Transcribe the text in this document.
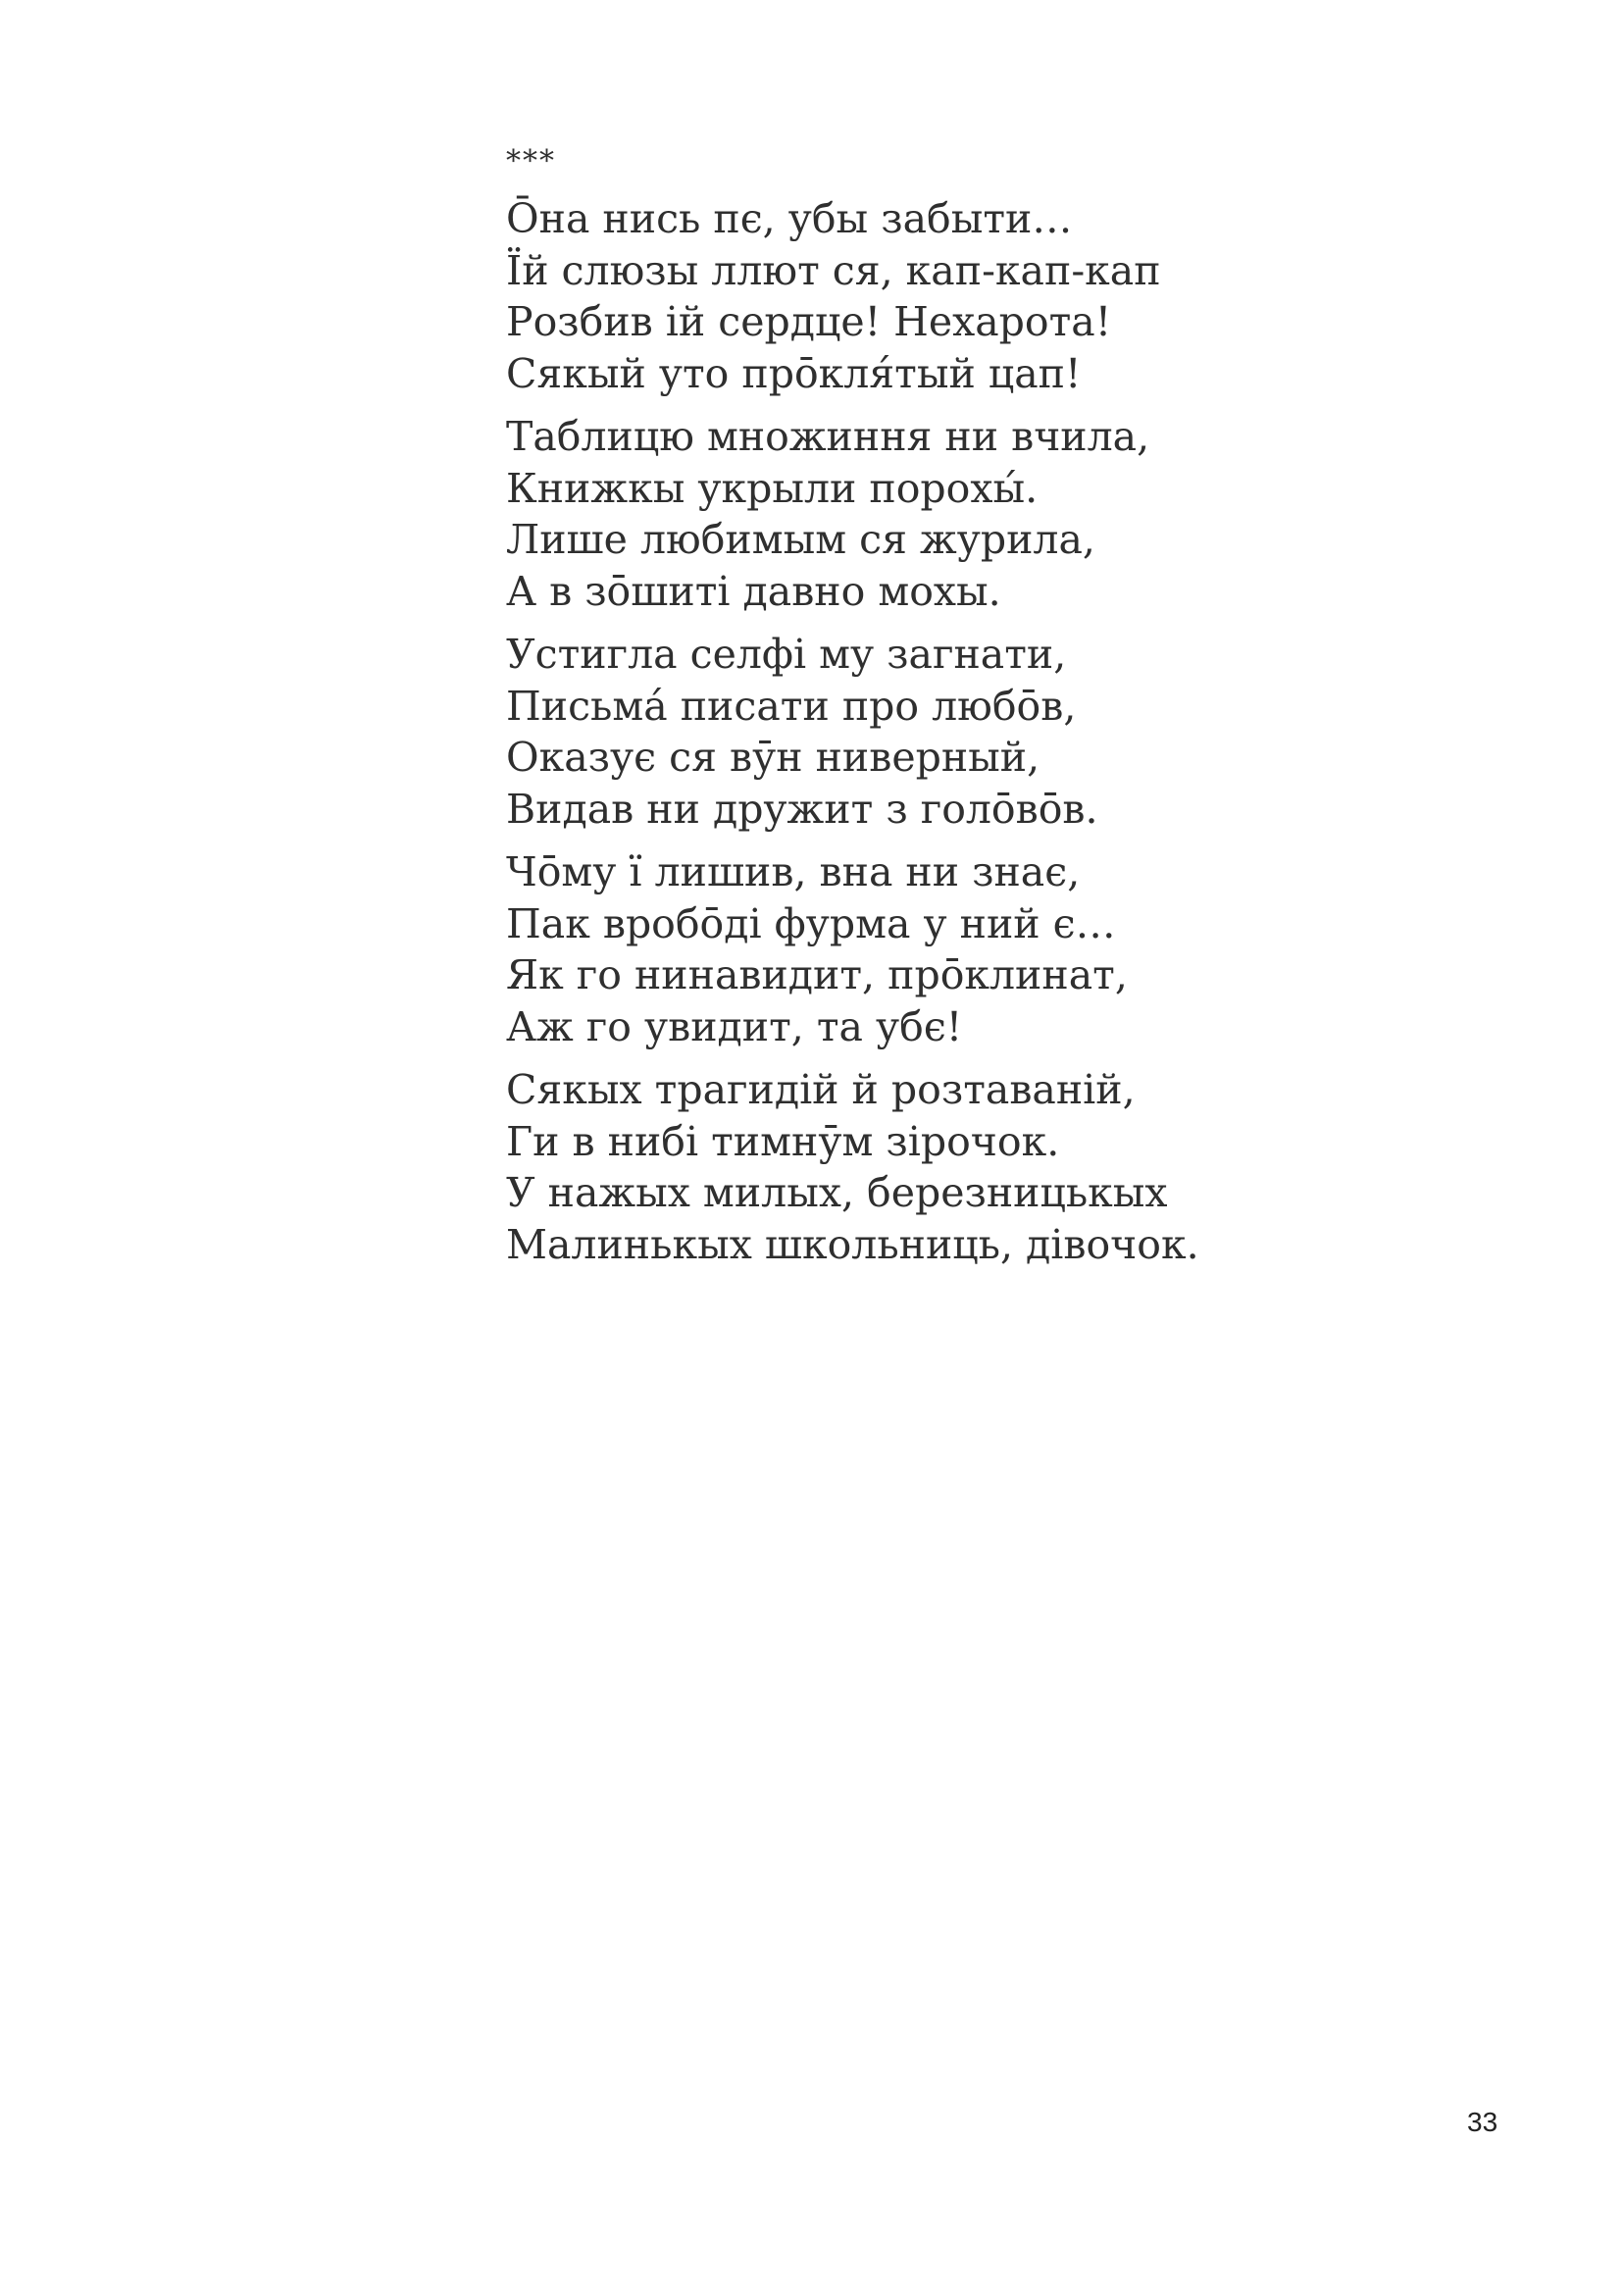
***
Ōна нись пє, убы забыти…
Їй слюзы ллют ся, кап-кап-кап
Розбив ій сердце! Нехарота!
Сякый уто прōкля́тый цап!
Таблицю множиння ни вчила,
Книжкы укрыли порохы́.
Лише любимым ся журила,
А в зōшиті давно мохы.
Устигла селфі му загнати,
Письма́ писати про любōв,
Оказує ся вӯн ниверный,
Видав ни дружит з голōвōв.
Чōму ї лишив, вна ни знає,
Пак вробōді фурма у ний є…
Як го нинавидит, прōклинат,
Аж го увидит, та убє!
Сякых трагидій й розтаваній,
Ги в нибі тимнӯм зірочок.
У нажых милых, березницькых
Малинькых школьниць, дівочок.
33
